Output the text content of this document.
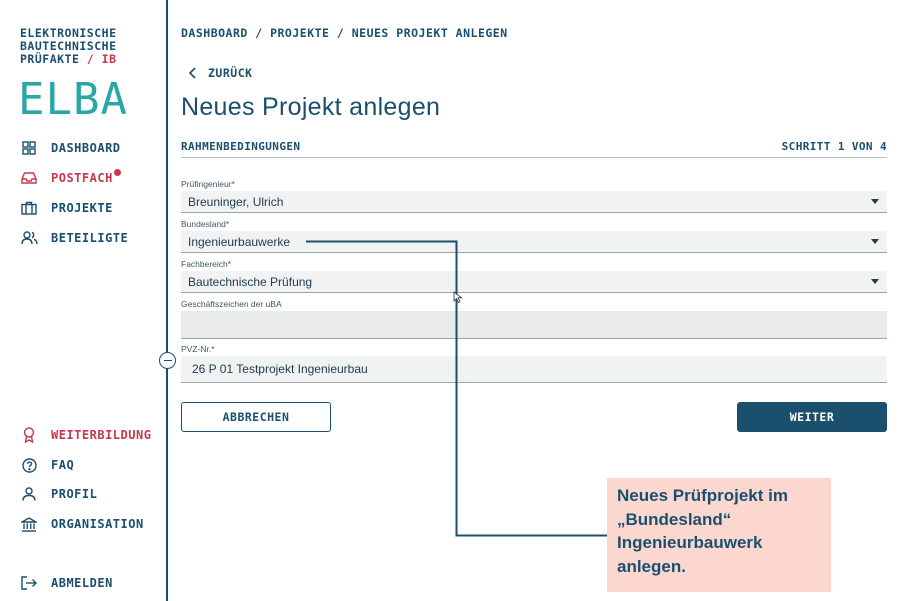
ELEKTRONISCHE
BAUTECHNISCHE
PRÜFAKTE / IB
ELBA
DASHBOARD
POSTFACH
PROJEKTE
BETEILIGTE
WEITERBILDUNG
FAQ
PROFIL
ORGANISATION
ABMELDEN
DASHBOARD / PROJEKTE / NEUES PROJEKT ANLEGEN
ZURÜCK
Neues Projekt anlegen
RAHMENBEDINGUNGEN	SCHRITT 1 VON 4
Prüfingenieur*
Breuninger, Ulrich
Bundesland*
Ingenieurbauwerke
Fachbereich*
Bautechnische Prüfung
Geschäftszeichen der uBA
PVZ-Nr.*
26 P 01 Testprojekt Ingenieurbau
ABBRECHEN	WEITER
Neues Prüfprojekt im
„Bundesland“
Ingenieurbauwerk
anlegen.
